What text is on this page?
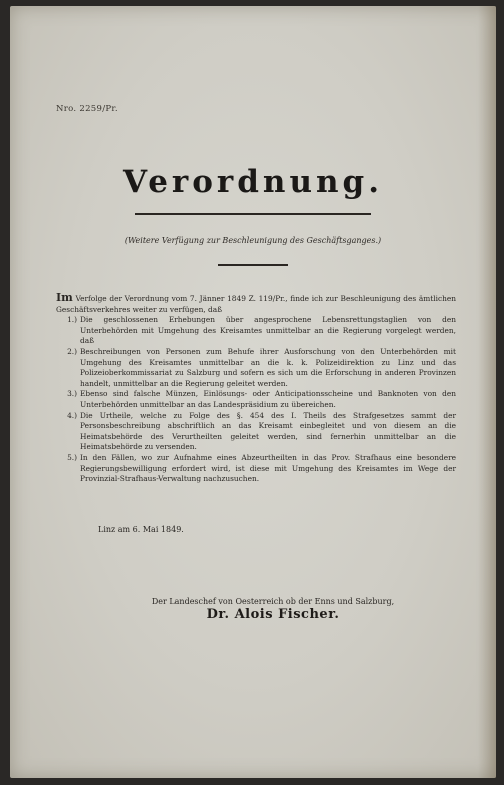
Nro. 2259/Pr.
Verordnung.
(Weitere Verfügung zur Beschleunigung des Geschäftsganges.)

Im Verfolge der Verordnung vom 7. Jänner 1849 Z. 119/Pr., finde ich zur Beschleunigung des ämtlichen Geschäftsverkehres weiter zu verfügen, daß

1.) Die geschlossenen Erhebungen über angesprochene Lebensrettungstaglien von den Unterbehörden mit Umgehung des Kreisamtes unmittelbar an die Regierung vorgelegt werden, daß
2.) Beschreibungen von Personen zum Behufe ihrer Ausforschung von den Unterbehörden mit Umgehung des Kreisamtes unmittelbar an die k. k. Polizeidirektion zu Linz und das Polizeioberkommissariat zu Salzburg und sofern es sich um die Erforschung in anderen Provinzen handelt, unmittelbar an die Regierung geleitet werden.
3.) Ebenso sind falsche Münzen, Einlösungs- oder Anticipationsscheine und Banknoten von den Unterbehörden unmittelbar an das Landespräsidium zu übereichen.
4.) Die Urtheile, welche zu Folge des §. 454 des I. Theils des Strafgesetzes sammt der Personsbeschreibung abschriftlich an das Kreisamt einbegleitet und von diesem an die Heimatsbehörde des Verurtheilten geleitet werden, sind fernerhin unmittelbar an die Heimatsbehörde zu versenden.
5.) In den Fällen, wo zur Aufnahme eines Abzeurtheilten in das Prov. Strafhaus eine besondere Regierungsbewilligung erfordert wird, ist diese mit Umgehung des Kreisamtes im Wege der Provinzial-Strafhaus-Verwaltung nachzusuchen.
Linz am 6. Mai 1849.
Der Landeschef von Oesterreich ob der Enns und Salzburg,
Dr. Alois Fischer.
